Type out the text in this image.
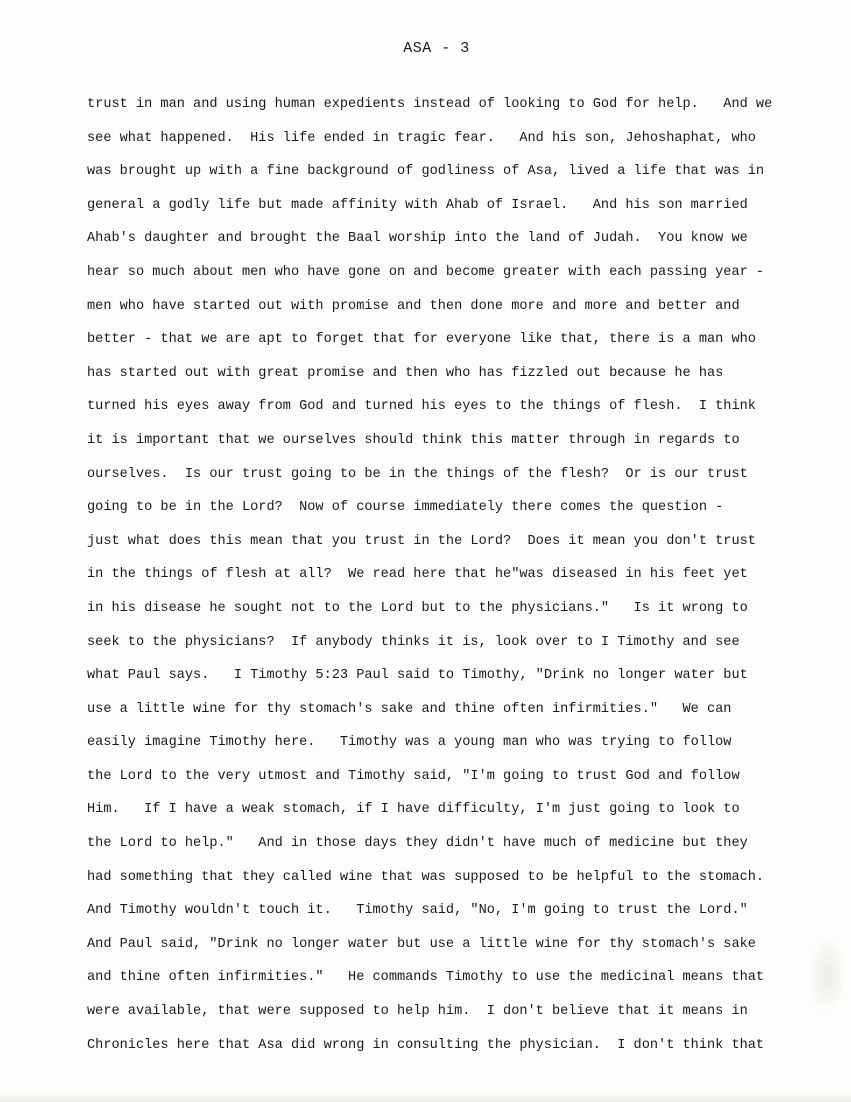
ASA - 3
trust in man and using human expedients instead of looking to God for help.   And we
see what happened.  His life ended in tragic fear.   And his son, Jehoshaphat, who
was brought up with a fine background of godliness of Asa, lived a life that was in
general a godly life but made affinity with Ahab of Israel.   And his son married
Ahab's daughter and brought the Baal worship into the land of Judah.  You know we
hear so much about men who have gone on and become greater with each passing year -
men who have started out with promise and then done more and more and better and
better - that we are apt to forget that for everyone like that, there is a man who
has started out with great promise and then who has fizzled out because he has
turned his eyes away from God and turned his eyes to the things of flesh.  I think
it is important that we ourselves should think this matter through in regards to
ourselves.  Is our trust going to be in the things of the flesh?  Or is our trust
going to be in the Lord?  Now of course immediately there comes the question -
just what does this mean that you trust in the Lord?  Does it mean you don't trust
in the things of flesh at all?  We read here that he"was diseased in his feet yet
in his disease he sought not to the Lord but to the physicians."   Is it wrong to
seek to the physicians?  If anybody thinks it is, look over to I Timothy and see
what Paul says.   I Timothy 5:23 Paul said to Timothy, "Drink no longer water but
use a little wine for thy stomach's sake and thine often infirmities."   We can
easily imagine Timothy here.   Timothy was a young man who was trying to follow
the Lord to the very utmost and Timothy said, "I'm going to trust God and follow
Him.   If I have a weak stomach, if I have difficulty, I'm just going to look to
the Lord to help."   And in those days they didn't have much of medicine but they
had something that they called wine that was supposed to be helpful to the stomach.
And Timothy wouldn't touch it.   Timothy said, "No, I'm going to trust the Lord."
And Paul said, "Drink no longer water but use a little wine for thy stomach's sake
and thine often infirmities."   He commands Timothy to use the medicinal means that
were available, that were supposed to help him.  I don't believe that it means in
Chronicles here that Asa did wrong in consulting the physician.  I don't think that
